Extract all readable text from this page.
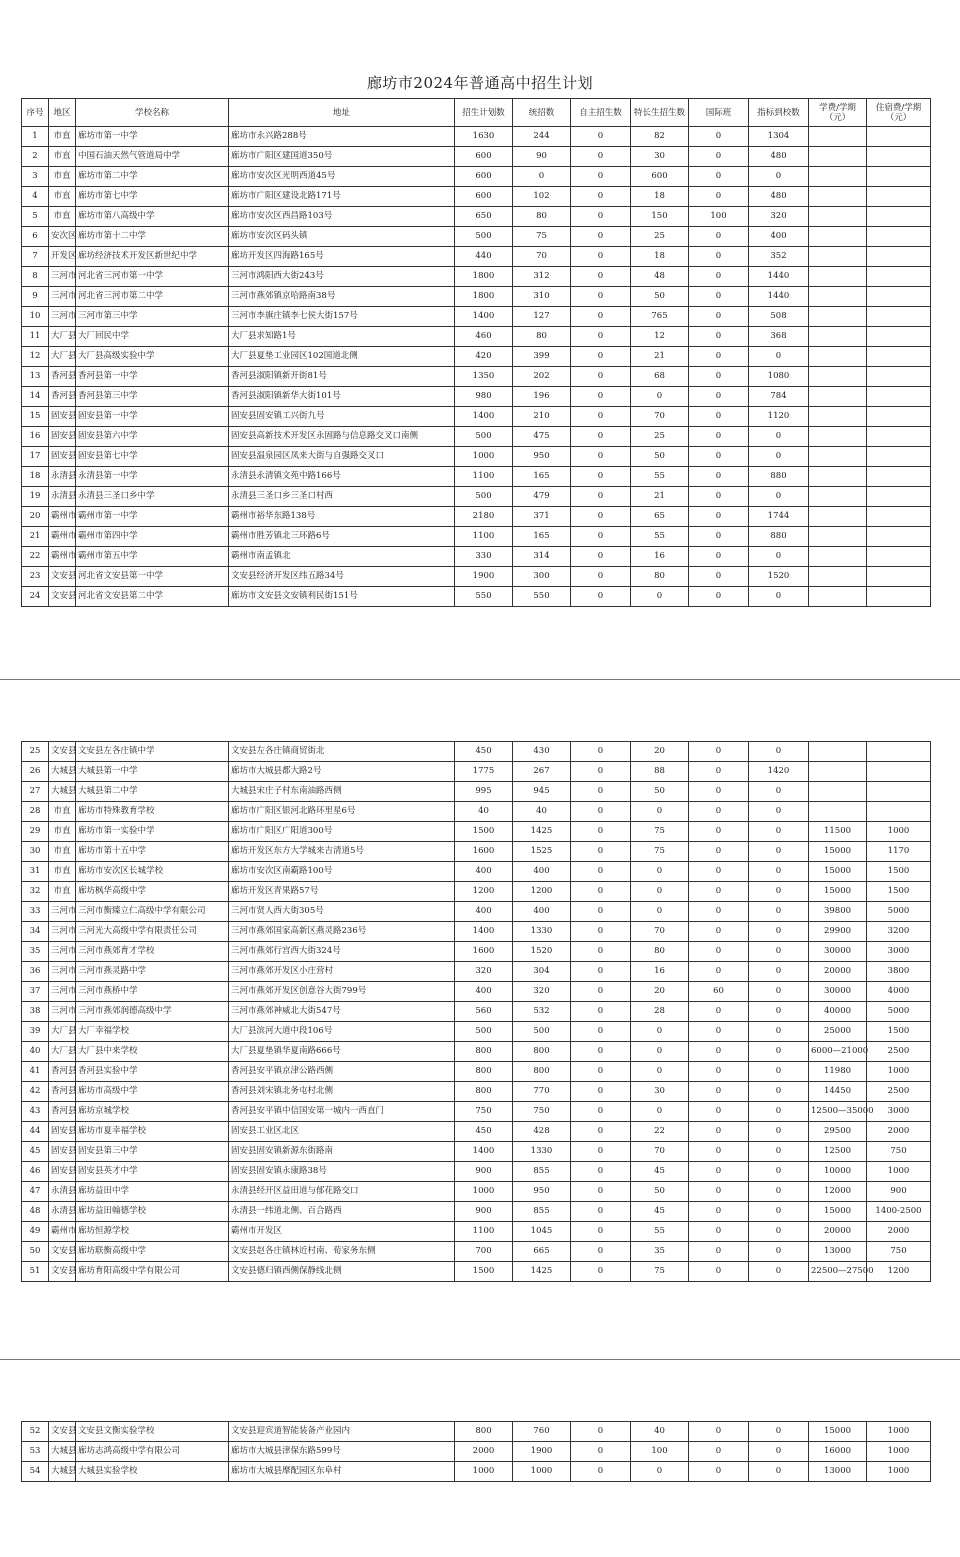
廊坊市2024年普通高中招生计划
序号	地区	学校名称	地址	招生计划数	统招数	自主招生数	特长生招生数	国际班	指标到校数	学费/学期（元）	住宿费/学期（元）
1	市直	廊坊市第一中学	廊坊市永兴路288号	1630	244	0	82	0	1304		
2	市直	中国石油天然气管道局中学	廊坊市广阳区建国道350号	600	90	0	30	0	480		
3	市直	廊坊市第二中学	廊坊市安次区光明西道45号	600	0	0	600	0	0		
4	市直	廊坊市第七中学	廊坊市广阳区建设北路171号	600	102	0	18	0	480		
5	市直	廊坊市第八高级中学	廊坊市安次区西昌路103号	650	80	0	150	100	320		
6	安次区	廊坊市第十二中学	廊坊市安次区码头镇	500	75	0	25	0	400		
7	开发区	廊坊经济技术开发区新世纪中学	廊坊开发区四海路165号	440	70	0	18	0	352		
8	三河市	河北省三河市第一中学	三河市鸿阳西大街243号	1800	312	0	48	0	1440		
9	三河市	河北省三河市第二中学	三河市燕郊镇京哈路南38号	1800	310	0	50	0	1440		
10	三河市	三河市第三中学	三河市李旗庄镇李七侯大街157号	1400	127	0	765	0	508		
11	大厂县	大厂回民中学	大厂县求知路1号	460	80	0	12	0	368		
12	大厂县	大厂县高级实验中学	大厂县夏垫工业园区102国道北侧	420	399	0	21	0	0		
13	香河县	香河县第一中学	香河县淑阳镇新开街81号	1350	202	0	68	0	1080		
14	香河县	香河县第三中学	香河县淑阳镇新华大街101号	980	196	0	0	0	784		
15	固安县	固安县第一中学	固安县固安镇工兴街九号	1400	210	0	70	0	1120		
16	固安县	固安县第六中学	固安县高新技术开发区永固路与信息路交叉口南侧	500	475	0	25	0	0		
17	固安县	固安县第七中学	固安县温泉园区凤来大街与自强路交叉口	1000	950	0	50	0	0		
18	永清县	永清县第一中学	永清县永清镇文苑中路166号	1100	165	0	55	0	880		
19	永清县	永清县三圣口乡中学	永清县三圣口乡三圣口村西	500	479	0	21	0	0		
20	霸州市	霸州市第一中学	霸州市裕华东路138号	2180	371	0	65	0	1744		
21	霸州市	霸州市第四中学	霸州市胜芳镇北三环路6号	1100	165	0	55	0	880		
22	霸州市	霸州市第五中学	霸州市南孟镇北	330	314	0	16	0	0		
23	文安县	河北省文安县第一中学	文安县经济开发区纬五路34号	1900	300	0	80	0	1520		
24	文安县	河北省文安县第二中学	廊坊市文安县文安镇利民街151号	550	550	0	0	0	0		
25	文安县	文安县左各庄镇中学	文安县左各庄镇商贸街北	450	430	0	20	0	0		
26	大城县	大城县第一中学	廊坊市大城县都大路2号	1775	267	0	88	0	1420		
27	大城县	大城县第二中学	大城县宋庄子村东南油路西侧	995	945	0	50	0	0		
28	市直	廊坊市特殊教育学校	廊坊市广阳区银河北路环里星6号	40	40	0	0	0	0		
29	市直	廊坊市第一实验中学	廊坊市广阳区广阳道300号	1500	1425	0	75	0	0	11500	1000
30	市直	廊坊市第十五中学	廊坊开发区东方大学城来吉清道5号	1600	1525	0	75	0	0	15000	1170
31	市直	廊坊市安次区长城学校	廊坊市安次区南霸路100号	400	400	0	0	0	0	15000	1500
32	市直	廊坊枫华高级中学	廊坊开发区青果路57号	1200	1200	0	0	0	0	15000	1500
33	三河市	三河市衡臻立仁高级中学有限公司	三河市贤人西大街305号	400	400	0	0	0	0	39800	5000
34	三河市	三河光大高级中学有限责任公司	三河市燕郊国家高新区燕灵路236号	1400	1330	0	70	0	0	29900	3200
35	三河市	三河市燕郊育才学校	三河市燕郊行宫西大街324号	1600	1520	0	80	0	0	30000	3000
36	三河市	三河市燕灵路中学	三河市燕郊开发区小庄营村	320	304	0	16	0	0	20000	3800
37	三河市	三河市燕桥中学	三河市燕郊开发区创意谷大街799号	400	320	0	20	60	0	30000	4000
38	三河市	三河市燕郊润德高级中学	三河市燕郊神威北大街547号	560	532	0	28	0	0	40000	5000
39	大厂县	大厂幸福学校	大厂县滨河大道中段106号	500	500	0	0	0	0	25000	1500
40	大厂县	大厂县中来学校	大厂县夏垫镇华夏南路666号	800	800	0	0	0	0	6000—21000	2500
41	香河县	香河县实验中学	香河县安平镇京津公路西侧	800	800	0	0	0	0	11980	1000
42	香河县	廊坊市高级中学	香河县刘宋镇北务屯村北侧	800	770	0	30	0	0	14450	2500
43	香河县	廊坊京城学校	香河县安平镇中信国安第一城内一西直门	750	750	0	0	0	0	12500—35000	3000
44	固安县	廊坊市夏幸福学校	固安县工业区北区	450	428	0	22	0	0	29500	2000
45	固安县	固安县第三中学	固安县固安镇新源东街路南	1400	1330	0	70	0	0	12500	750
46	固安县	固安县英才中学	固安县固安镇永康路38号	900	855	0	45	0	0	10000	1000
47	永清县	廊坊益田中学	永清县经开区益田道与郁花路交口	1000	950	0	50	0	0	12000	900
48	永清县	廊坊益田翰德学校	永清县一纬道北侧、百合路西	900	855	0	45	0	0	15000	1400-2500
49	霸州市	廊坊恒源学校	霸州市开发区	1100	1045	0	55	0	0	20000	2000
50	文安县	廊坊联衡高级中学	文安县赵各庄镇林近村南、荀家务东侧	700	665	0	35	0	0	13000	750
51	文安县	廊坊育阳高级中学有限公司	文安县德归镇西侧保静线北侧	1500	1425	0	75	0	0	22500—27500	1200
52	文安县	文安县文衡实验学校	文安县迎宾道智能装备产业园内	800	760	0	40	0	0	15000	1000
53	大城县	廊坊志鸿高级中学有限公司	廊坊市大城县津保东路599号	2000	1900	0	100	0	0	16000	1000
54	大城县	大城县实验学校	廊坊市大城县摩配园区东阜村	1000	1000	0	0	0	0	13000	1000
